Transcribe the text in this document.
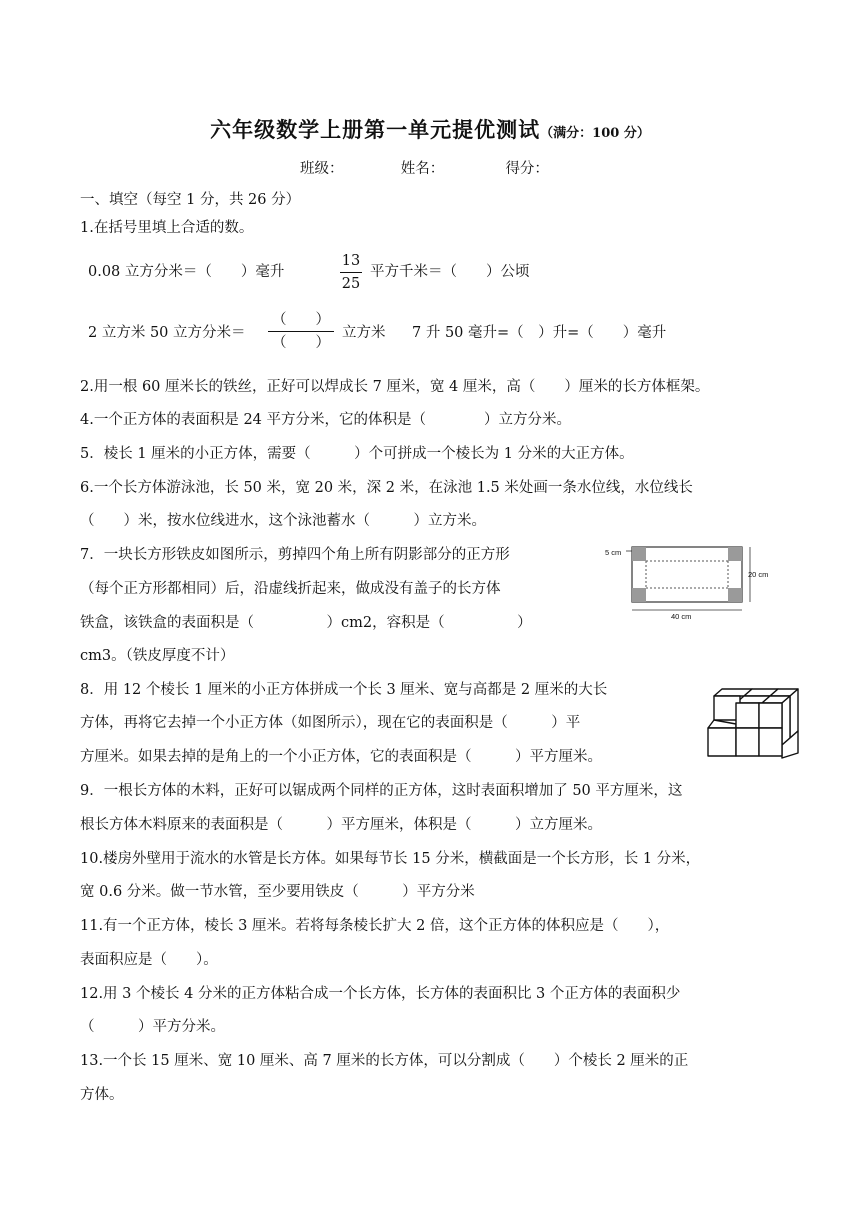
六年级数学上册第一单元提优测试（满分：100 分）
班级：	姓名：	得分：
一、填空（每空 1 分，共 26 分）
1.在括号里填上合适的数。
0.08 立方分米＝（　　）毫升
13
25
平方千米＝（　　）公顷
2 立方米 50 立方分米＝
（　　）
（　　）
立方米 7 升 50 毫升=（　）升=（　　）毫升
2.用一根 60 厘米长的铁丝，正好可以焊成长 7 厘米，宽 4 厘米，高（　　）厘米的长方体框架。
4.一个正方体的表面积是 24 平方分米，它的体积是（　　　　）立方分米。
5．棱长 1 厘米的小正方体，需要（　　　）个可拼成一个棱长为 1 分米的大正方体。
6.一个长方体游泳池，长 50 米，宽 20 米，深 2 米，在泳池 1.5 米处画一条水位线，水位线长
（　　）米，按水位线进水，这个泳池蓄水（　　　）立方米。
7．一块长方形铁皮如图所示，剪掉四个角上所有阴影部分的正方形
（每个正方形都相同）后，沿虚线折起来，做成没有盖子的长方体
铁盒，该铁盒的表面积是（　　　　　）cm2，容积是（　　　　　）
cm3。（铁皮厚度不计）
5 cm
20 cm
40 cm
8．用 12 个棱长 1 厘米的小正方体拼成一个长 3 厘米、宽与高都是 2 厘米的大长
方体，再将它去掉一个小正方体（如图所示），现在它的表面积是（　　　）平
方厘米。如果去掉的是角上的一个小正方体，它的表面积是（　　　）平方厘米。
9．一根长方体的木料，正好可以锯成两个同样的正方体，这时表面积增加了 50 平方厘米，这
根长方体木料原来的表面积是（　　　）平方厘米，体积是（　　　）立方厘米。
10.楼房外壁用于流水的水管是长方体。如果每节长 15 分米，横截面是一个长方形，长 1 分米，
宽 0.6 分米。做一节水管，至少要用铁皮（　　　）平方分米
11.有一个正方体，棱长 3 厘米。若将每条棱长扩大 2 倍，这个正方体的体积应是（　　），
表面积应是（　　）。
12.用 3 个棱长 4 分米的正方体粘合成一个长方体，长方体的表面积比 3 个正方体的表面积少
（　　　）平方分米。
13.一个长 15 厘米、宽 10 厘米、高 7 厘米的长方体，可以分割成（　　）个棱长 2 厘米的正
方体。
